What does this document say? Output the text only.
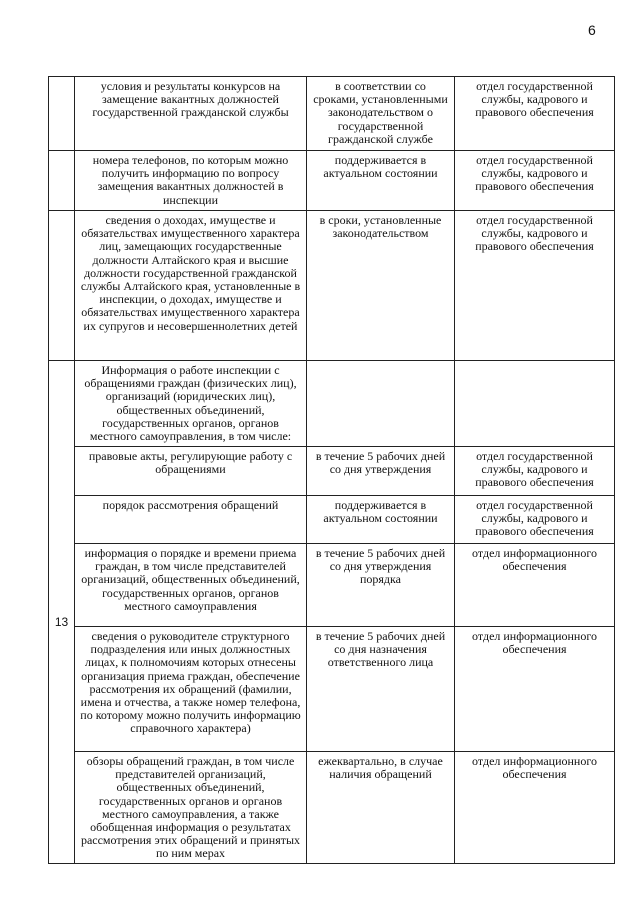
6
	условия и результаты конкурсов на замещение вакантных должностей государственной гражданской службы	в соответствии со сроками, установленными законодательством о государственной гражданской службе	отдел государственной службы, кадрового и правового обеспечения
	номера телефонов, по которым можно получить информацию по вопросу замещения вакантных должностей в инспекции	поддерживается в актуальном состоянии	отдел государственной службы, кадрового и правового обеспечения
	сведения о доходах, имуществе и обязательствах имущественного характера лиц, замещающих государственные должности Алтайского края и высшие должности государственной гражданской службы Алтайского края, установленные в инспекции, о доходах, имуществе и обязательствах имущественного характера их супругов и несовершеннолетних детей	в сроки, установленные законодательством	отдел государственной службы, кадрового и правового обеспечения
13	Информация о работе инспекции с обращениями граждан (физических лиц), организаций (юридических лиц), общественных объединений, государственных органов, органов местного самоуправления, в том числе:		
	правовые акты, регулирующие работу с обращениями	в течение 5 рабочих дней со дня утверждения	отдел государственной службы, кадрового и правового обеспечения
	порядок рассмотрения обращений	поддерживается в актуальном состоянии	отдел государственной службы, кадрового и правового обеспечения
	информация о порядке и времени приема граждан, в том числе представителей организаций, общественных объединений, государственных органов, органов местного самоуправления	в течение 5 рабочих дней со дня утверждения порядка	отдел информационного обеспечения
	сведения о руководителе структурного подразделения или иных должностных лицах, к полномочиям которых отнесены организация приема граждан, обеспечение рассмотрения их обращений (фамилии, имена и отчества, а также номер телефона, по которому можно получить информацию справочного характера)	в течение 5 рабочих дней со дня назначения ответственного лица	отдел информационного обеспечения
	обзоры обращений граждан, в том числе представителей организаций, общественных объединений, государственных органов и органов местного самоуправления, а также обобщенная информация о результатах рассмотрения этих обращений и принятых по ним мерах	ежеквартально, в случае наличия обращений	отдел информационного обеспечения
